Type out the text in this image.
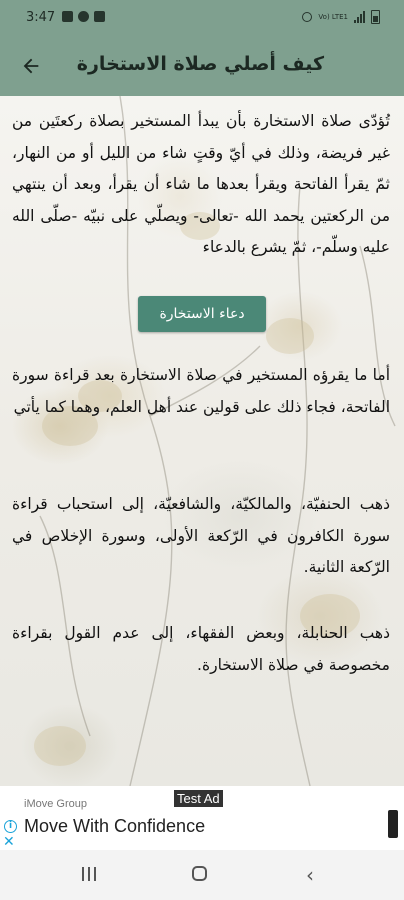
3:47	Vo) LTE1
كيف أصلي صلاة الاستخارة
تُؤدّى صلاة الاستخارة بأن يبدأ المستخير بصلاة ركعتَين من غير فريضة، وذلك في أيّ وقتٍ شاء من الليل أو من النهار، ثمّ يقرأ الفاتحة ويقرأ بعدها ما شاء أن يقرأ، وبعد أن ينتهي من الركعتين يحمد الله -تعالى- ويصلّي على نبيّه -صلّى الله عليه وسلّم-، ثمّ يشرع بالدعاء
دعاء الاستخارة
أما ما يقرؤه المستخير في صلاة الاستخارة بعد قراءة سورة الفاتحة، فجاء ذلك على قولين عند أهل العلم، وهما كما يأتي
ذهب الحنفيّة، والمالكيّة، والشافعيّة، إلى استحباب قراءة سورة الكافرون في الرّكعة الأولى، وسورة الإخلاص في الرّكعة الثانية.
ذهب الحنابلة، وبعض الفقهاء، إلى عدم القول بقراءة مخصوصة في صلاة الاستخارة.
Test Ad
iMove Group
Move With Confidence
i
✕
‹
